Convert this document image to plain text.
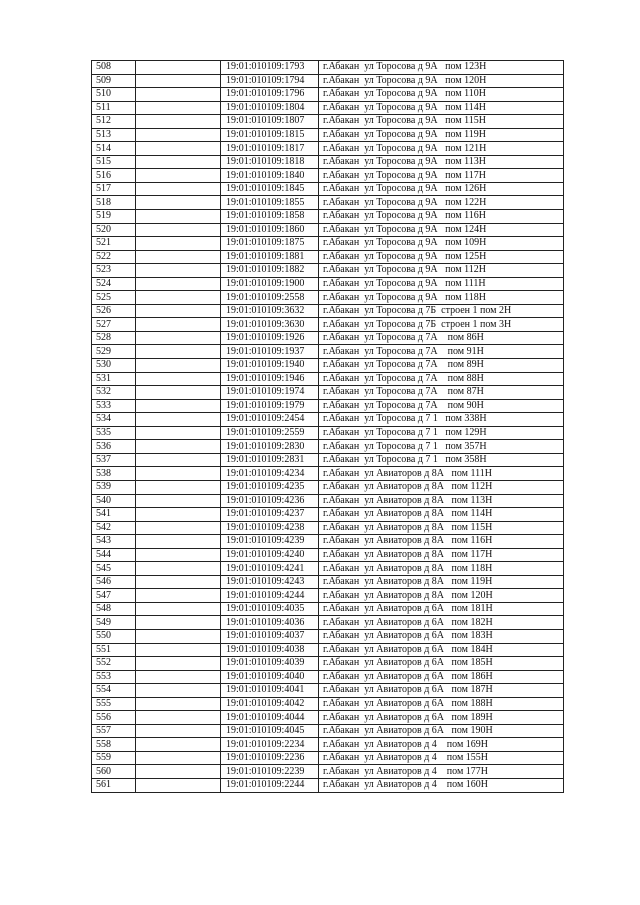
508		19:01:010109:1793	г.Абакан  ул Торосова д 9А   пом 123Н
509		19:01:010109:1794	г.Абакан  ул Торосова д 9А   пом 120Н
510		19:01:010109:1796	г.Абакан  ул Торосова д 9А   пом 110Н
511		19:01:010109:1804	г.Абакан  ул Торосова д 9А   пом 114Н
512		19:01:010109:1807	г.Абакан  ул Торосова д 9А   пом 115Н
513		19:01:010109:1815	г.Абакан  ул Торосова д 9А   пом 119Н
514		19:01:010109:1817	г.Абакан  ул Торосова д 9А   пом 121Н
515		19:01:010109:1818	г.Абакан  ул Торосова д 9А   пом 113Н
516		19:01:010109:1840	г.Абакан  ул Торосова д 9А   пом 117Н
517		19:01:010109:1845	г.Абакан  ул Торосова д 9А   пом 126Н
518		19:01:010109:1855	г.Абакан  ул Торосова д 9А   пом 122Н
519		19:01:010109:1858	г.Абакан  ул Торосова д 9А   пом 116Н
520		19:01:010109:1860	г.Абакан  ул Торосова д 9А   пом 124Н
521		19:01:010109:1875	г.Абакан  ул Торосова д 9А   пом 109Н
522		19:01:010109:1881	г.Абакан  ул Торосова д 9А   пом 125Н
523		19:01:010109:1882	г.Абакан  ул Торосова д 9А   пом 112Н
524		19:01:010109:1900	г.Абакан  ул Торосова д 9А   пом 111Н
525		19:01:010109:2558	г.Абакан  ул Торосова д 9А   пом 118Н
526		19:01:010109:3632	г.Абакан  ул Торосова д 7Б  строен 1 пом 2Н
527		19:01:010109:3630	г.Абакан  ул Торосова д 7Б  строен 1 пом 3Н
528		19:01:010109:1926	г.Абакан  ул Торосова д 7А    пом 86Н
529		19:01:010109:1937	г.Абакан  ул Торосова д 7А    пом 91Н
530		19:01:010109:1940	г.Абакан  ул Торосова д 7А    пом 89Н
531		19:01:010109:1946	г.Абакан  ул Торосова д 7А    пом 88Н
532		19:01:010109:1974	г.Абакан  ул Торосова д 7А    пом 87Н
533		19:01:010109:1979	г.Абакан  ул Торосова д 7А    пом 90Н
534		19:01:010109:2454	г.Абакан  ул Торосова д 7 1   пом 338Н
535		19:01:010109:2559	г.Абакан  ул Торосова д 7 1   пом 129Н
536		19:01:010109:2830	г.Абакан  ул Торосова д 7 1   пом 357Н
537		19:01:010109:2831	г.Абакан  ул Торосова д 7 1   пом 358Н
538		19:01:010109:4234	г.Абакан  ул Авиаторов д 8А   пом 111Н
539		19:01:010109:4235	г.Абакан  ул Авиаторов д 8А   пом 112Н
540		19:01:010109:4236	г.Абакан  ул Авиаторов д 8А   пом 113Н
541		19:01:010109:4237	г.Абакан  ул Авиаторов д 8А   пом 114Н
542		19:01:010109:4238	г.Абакан  ул Авиаторов д 8А   пом 115Н
543		19:01:010109:4239	г.Абакан  ул Авиаторов д 8А   пом 116Н
544		19:01:010109:4240	г.Абакан  ул Авиаторов д 8А   пом 117Н
545		19:01:010109:4241	г.Абакан  ул Авиаторов д 8А   пом 118Н
546		19:01:010109:4243	г.Абакан  ул Авиаторов д 8А   пом 119Н
547		19:01:010109:4244	г.Абакан  ул Авиаторов д 8А   пом 120Н
548		19:01:010109:4035	г.Абакан  ул Авиаторов д 6А   пом 181Н
549		19:01:010109:4036	г.Абакан  ул Авиаторов д 6А   пом 182Н
550		19:01:010109:4037	г.Абакан  ул Авиаторов д 6А   пом 183Н
551		19:01:010109:4038	г.Абакан  ул Авиаторов д 6А   пом 184Н
552		19:01:010109:4039	г.Абакан  ул Авиаторов д 6А   пом 185Н
553		19:01:010109:4040	г.Абакан  ул Авиаторов д 6А   пом 186Н
554		19:01:010109:4041	г.Абакан  ул Авиаторов д 6А   пом 187Н
555		19:01:010109:4042	г.Абакан  ул Авиаторов д 6А   пом 188Н
556		19:01:010109:4044	г.Абакан  ул Авиаторов д 6А   пом 189Н
557		19:01:010109:4045	г.Абакан  ул Авиаторов д 6А   пом 190Н
558		19:01:010109:2234	г.Абакан  ул Авиаторов д 4    пом 169Н
559		19:01:010109:2236	г.Абакан  ул Авиаторов д 4    пом 155Н
560		19:01:010109:2239	г.Абакан  ул Авиаторов д 4    пом 177Н
561		19:01:010109:2244	г.Абакан  ул Авиаторов д 4    пом 160Н
